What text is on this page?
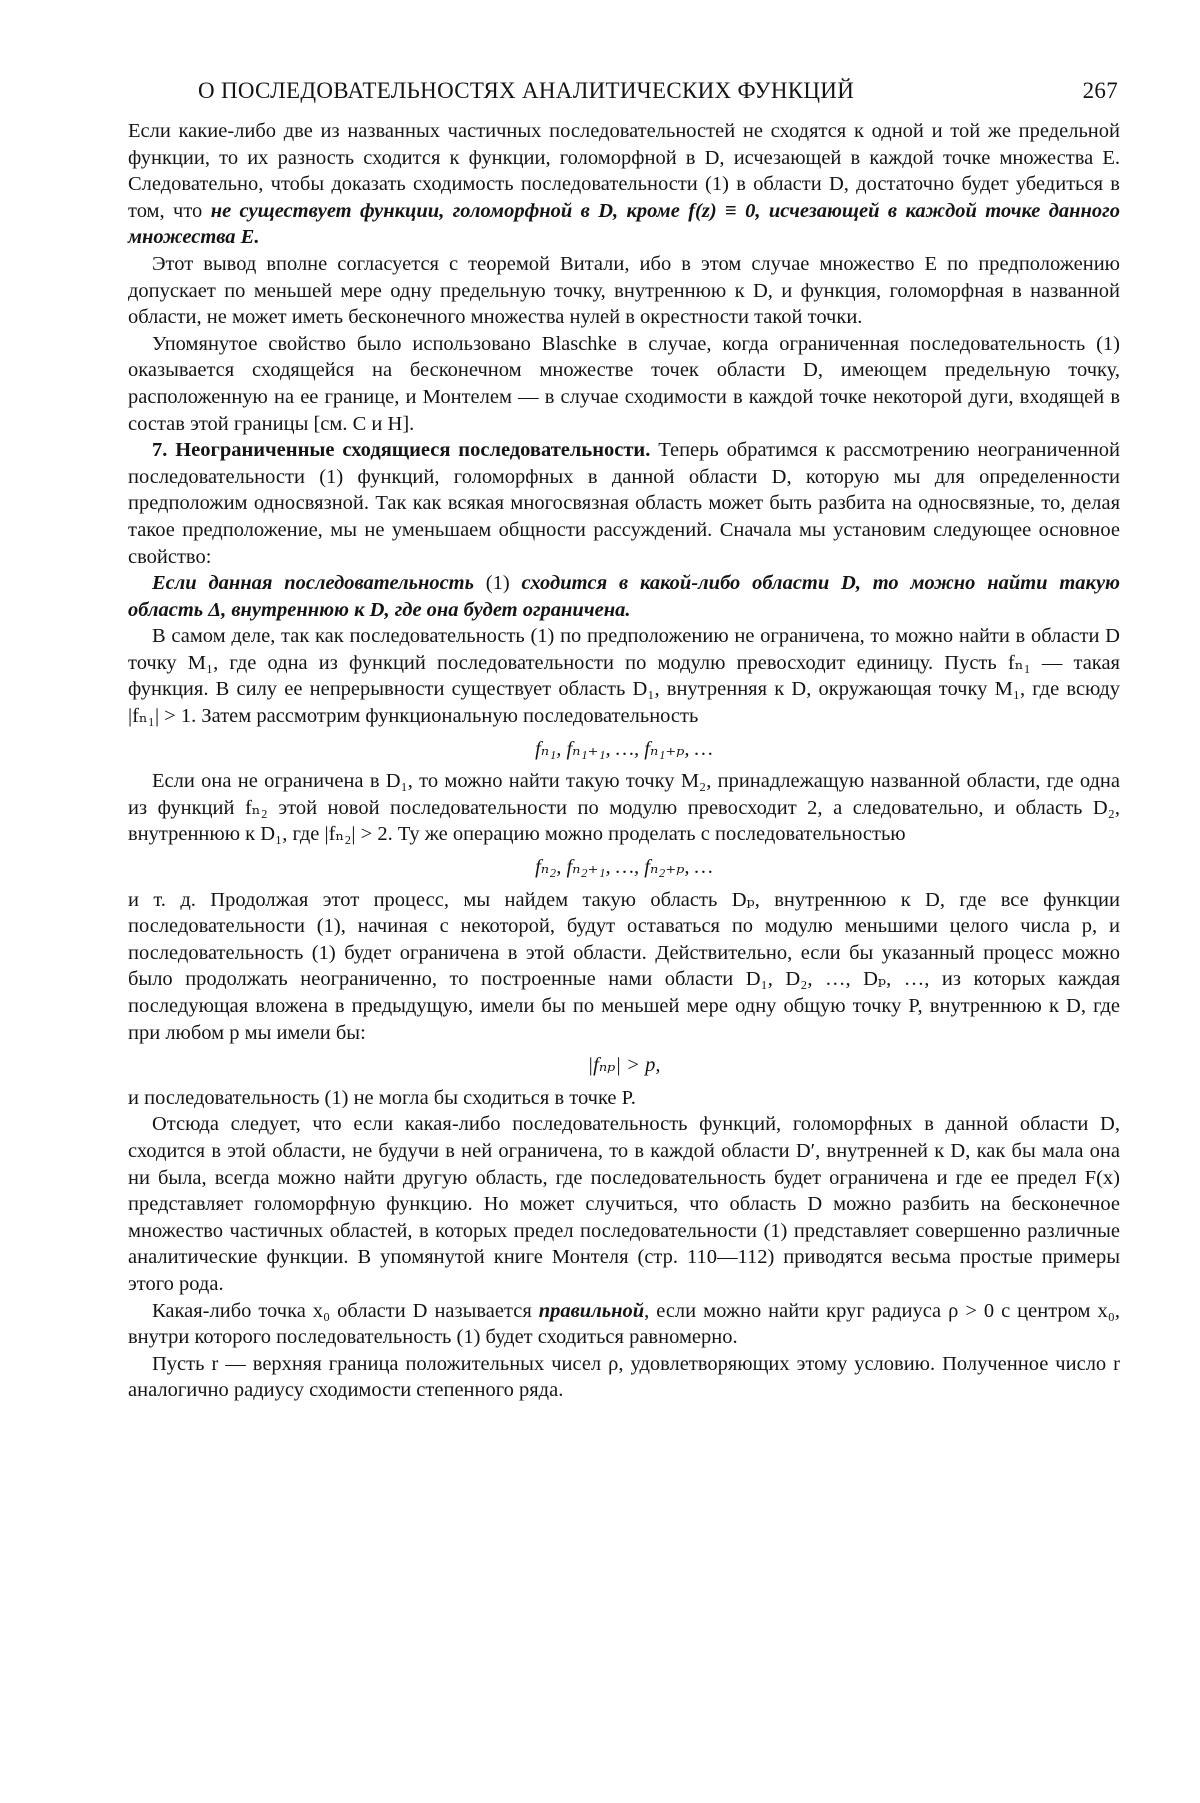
О ПОСЛЕДОВАТЕЛЬНОСТЯХ АНАЛИТИЧЕСКИХ ФУНКЦИЙ	267

Если какие-либо две из названных частичных последовательностей не сходятся к одной и той же предельной функции, то их разность сходится к функции, голоморфной в D, исчезающей в каждой точке множества E. Следовательно, чтобы доказать сходимость последовательности (1) в области D, достаточно будет убедиться в том, что не существует функции, голоморфной в D, кроме f(z) ≡ 0, исчезающей в каждой точке данного множества E.

Этот вывод вполне согласуется с теоремой Витали, ибо в этом случае множество E по предположению допускает по меньшей мере одну предельную точку, внутреннюю к D, и функция, голоморфная в названной области, не может иметь бесконечного множества нулей в окрестности такой точки.

Упомянутое свойство было использовано Blaschke в случае, когда ограниченная последовательность (1) оказывается сходящейся на бесконечном множестве точек области D, имеющем предельную точку, расположенную на ее границе, и Монтелем — в случае сходимости в каждой точке некоторой дуги, входящей в состав этой границы [см. С и Н].

7. Неограниченные сходящиеся последовательности. Теперь обратимся к рассмотрению неограниченной последовательности (1) функций, голоморфных в данной области D, которую мы для определенности предположим односвязной. Так как всякая многосвязная область может быть разбита на односвязные, то, делая такое предположение, мы не уменьшаем общности рассуждений. Сначала мы установим следующее основное свойство:

Если данная последовательность (1) сходится в какой-либо области D, то можно найти такую область Δ, внутреннюю к D, где она будет ограничена.

В самом деле, так как последовательность (1) по предположению не ограничена, то можно найти в области D точку M₁, где одна из функций последовательности по модулю превосходит единицу. Пусть fₙ₁ — такая функция. В силу ее непрерывности существует область D₁, внутренняя к D, окружающая точку M₁, где всюду |fₙ₁| > 1. Затем рассмотрим функциональную последовательность

fₙ₁, fₙ₁₊₁, …, fₙ₁₊ₚ, …

Если она не ограничена в D₁, то можно найти такую точку M₂, принадлежащую названной области, где одна из функций fₙ₂ этой новой последовательности по модулю превосходит 2, а следовательно, и область D₂, внутреннюю к D₁, где |fₙ₂| > 2. Ту же операцию можно проделать с последовательностью

fₙ₂, fₙ₂₊₁, …, fₙ₂₊ₚ, …

и т. д. Продолжая этот процесс, мы найдем такую область Dₚ, внутреннюю к D, где все функции последовательности (1), начиная с некоторой, будут оставаться по модулю меньшими целого числа p, и последовательность (1) будет ограничена в этой области. Действительно, если бы указанный процесс можно было продолжать неограниченно, то построенные нами области D₁, D₂, …, Dₚ, …, из которых каждая последующая вложена в предыдущую, имели бы по меньшей мере одну общую точку P, внутреннюю к D, где при любом p мы имели бы:

|fₙₚ| > p,

и последовательность (1) не могла бы сходиться в точке P.

Отсюда следует, что если какая-либо последовательность функций, голоморфных в данной области D, сходится в этой области, не будучи в ней ограничена, то в каждой области D′, внутренней к D, как бы мала она ни была, всегда можно найти другую область, где последовательность будет ограничена и где ее предел F(x) представляет голоморфную функцию. Но может случиться, что область D можно разбить на бесконечное множество частичных областей, в которых предел последовательности (1) представляет совершенно различные аналитические функции. В упомянутой книге Монтеля (стр. 110—112) приводятся весьма простые примеры этого рода.

Какая-либо точка x₀ области D называется правильной, если можно найти круг радиуса ρ > 0 с центром x₀, внутри которого последовательность (1) будет сходиться равномерно.

Пусть r — верхняя граница положительных чисел ρ, удовлетворяющих этому условию. Полученное число r аналогично радиусу сходимости степенного ряда.
